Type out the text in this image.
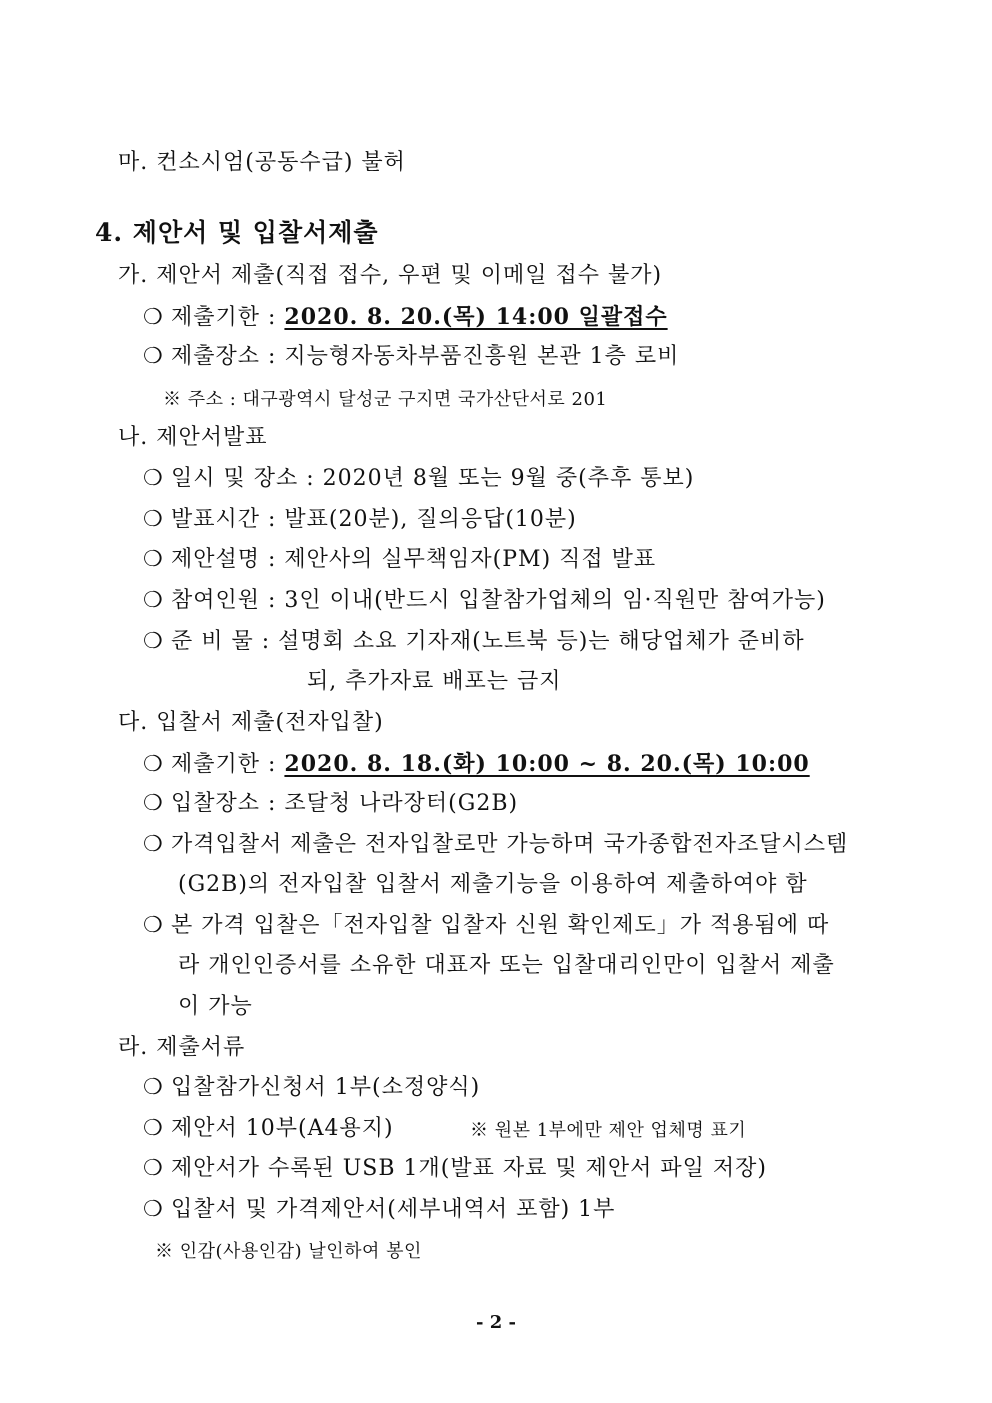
마. 컨소시엄(공동수급) 불허
4. 제안서 및 입찰서제출
가. 제안서 제출(직접 접수, 우편 및 이메일 접수 불가)
❍ 제출기한 : 2020. 8. 20.(목) 14:00 일괄접수
❍ 제출장소 : 지능형자동차부품진흥원 본관 1층 로비
※ 주소 : 대구광역시 달성군 구지면 국가산단서로 201
나. 제안서발표
❍ 일시 및 장소 : 2020년 8월 또는 9월 중(추후 통보)
❍ 발표시간 : 발표(20분), 질의응답(10분)
❍ 제안설명 : 제안사의 실무책임자(PM) 직접 발표
❍ 참여인원 : 3인 이내(반드시 입찰참가업체의 임·직원만 참여가능)
❍ 준 비 물 : 설명회 소요 기자재(노트북 등)는 해당업체가 준비하
되, 추가자료 배포는 금지
다. 입찰서 제출(전자입찰)
❍ 제출기한 : 2020. 8. 18.(화) 10:00 ~ 8. 20.(목) 10:00
❍ 입찰장소 : 조달청 나라장터(G2B)
❍ 가격입찰서 제출은 전자입찰로만 가능하며 국가종합전자조달시스템
(G2B)의 전자입찰 입찰서 제출기능을 이용하여 제출하여야 함
❍ 본 가격 입찰은「전자입찰 입찰자 신원 확인제도」가 적용됨에 따
라 개인인증서를 소유한 대표자 또는 입찰대리인만이 입찰서 제출
이 가능
라. 제출서류
❍ 입찰참가신청서 1부(소정양식)
❍ 제안서 10부(A4용지)	※ 원본 1부에만 제안 업체명 표기
❍ 제안서가 수록된 USB 1개(발표 자료 및 제안서 파일 저장)
❍ 입찰서 및 가격제안서(세부내역서 포함) 1부
※ 인감(사용인감) 날인하여 봉인
- 2 -
